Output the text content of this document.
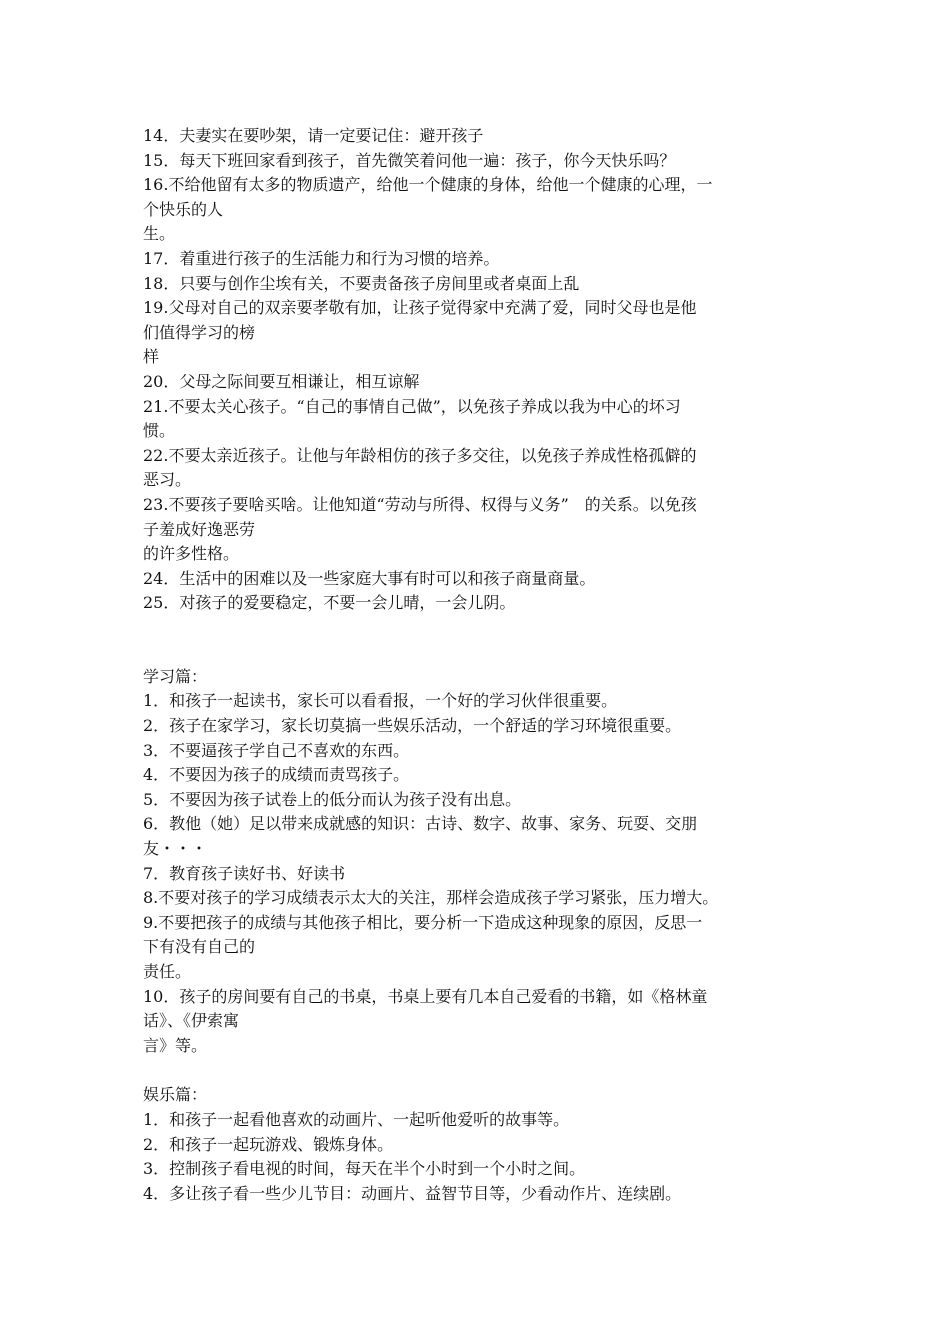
14．夫妻实在要吵架，请一定要记住：避开孩子
15．每天下班回家看到孩子，首先微笑着问他一遍：孩子，你今天快乐吗？
16.不给他留有太多的物质遗产，给他一个健康的身体，给他一个健康的心理，一
个快乐的人
生。
17．着重进行孩子的生活能力和行为习惯的培养。
18．只要与创作尘埃有关，不要责备孩子房间里或者桌面上乱
19.父母对自己的双亲要孝敬有加，让孩子觉得家中充满了爱，同时父母也是他
们值得学习的榜
样
20．父母之际间要互相谦让，相互谅解
21.不要太关心孩子。“自己的事情自己做”，以免孩子养成以我为中心的坏习
惯。
22.不要太亲近孩子。让他与年龄相仿的孩子多交往，以免孩子养成性格孤僻的
恶习。
23.不要孩子要啥买啥。让他知道“劳动与所得、权得与义务”　的关系。以免孩
子羞成好逸恶劳
的许多性格。
24．生活中的困难以及一些家庭大事有时可以和孩子商量商量。
25．对孩子的爱要稳定，不要一会儿晴，一会儿阴。
学习篇：
1．和孩子一起读书，家长可以看看报，一个好的学习伙伴很重要。
2．孩子在家学习，家长切莫搞一些娱乐活动，一个舒适的学习环境很重要。
3．不要逼孩子学自己不喜欢的东西。
4．不要因为孩子的成绩而责骂孩子。
5．不要因为孩子试卷上的低分而认为孩子没有出息。
6．教他（她）足以带来成就感的知识：古诗、数字、故事、家务、玩耍、交朋
友・・・
7．教育孩子读好书、好读书
8.不要对孩子的学习成绩表示太大的关注，那样会造成孩子学习紧张，压力增大。
9.不要把孩子的成绩与其他孩子相比，要分析一下造成这种现象的原因，反思一
下有没有自己的
责任。
10．孩子的房间要有自己的书桌，书桌上要有几本自己爱看的书籍，如《格林童
话》、《伊索寓
言》等。
娱乐篇：
1．和孩子一起看他喜欢的动画片、一起听他爱听的故事等。
2．和孩子一起玩游戏、锻炼身体。
3．控制孩子看电视的时间，每天在半个小时到一个小时之间。
4．多让孩子看一些少儿节目：动画片、益智节目等，少看动作片、连续剧。
